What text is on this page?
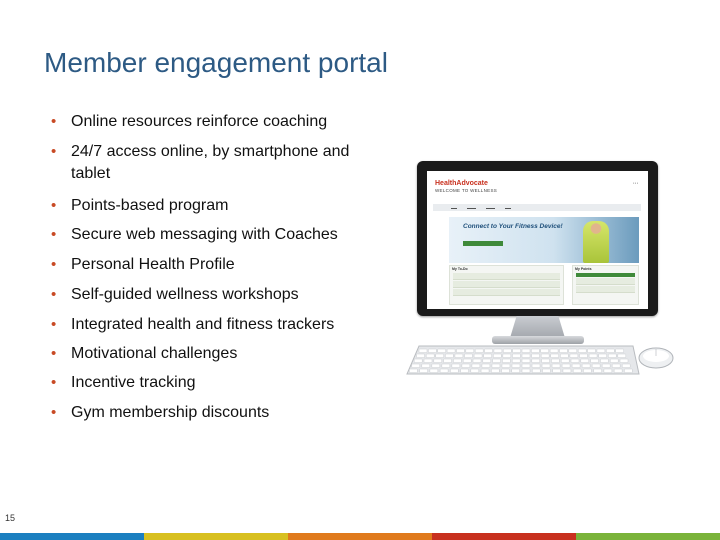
Member engagement portal
• Online resources reinforce coaching
• 24/7 access online, by smartphone and tablet
• Points-based program
• Secure web messaging with Coaches
• Personal Health Profile
• Self-guided wellness workshops
• Integrated health and fitness trackers
• Motivational challenges
• Incentive tracking
• Gym membership discounts
HealthAdvocate
WELCOME TO WELLNESS
▪ ▪ ▪
▬▬	▬▬▬	▬▬▬	▬▬
Connect to Your Fitness Device!
My To-Do	My Points
15
